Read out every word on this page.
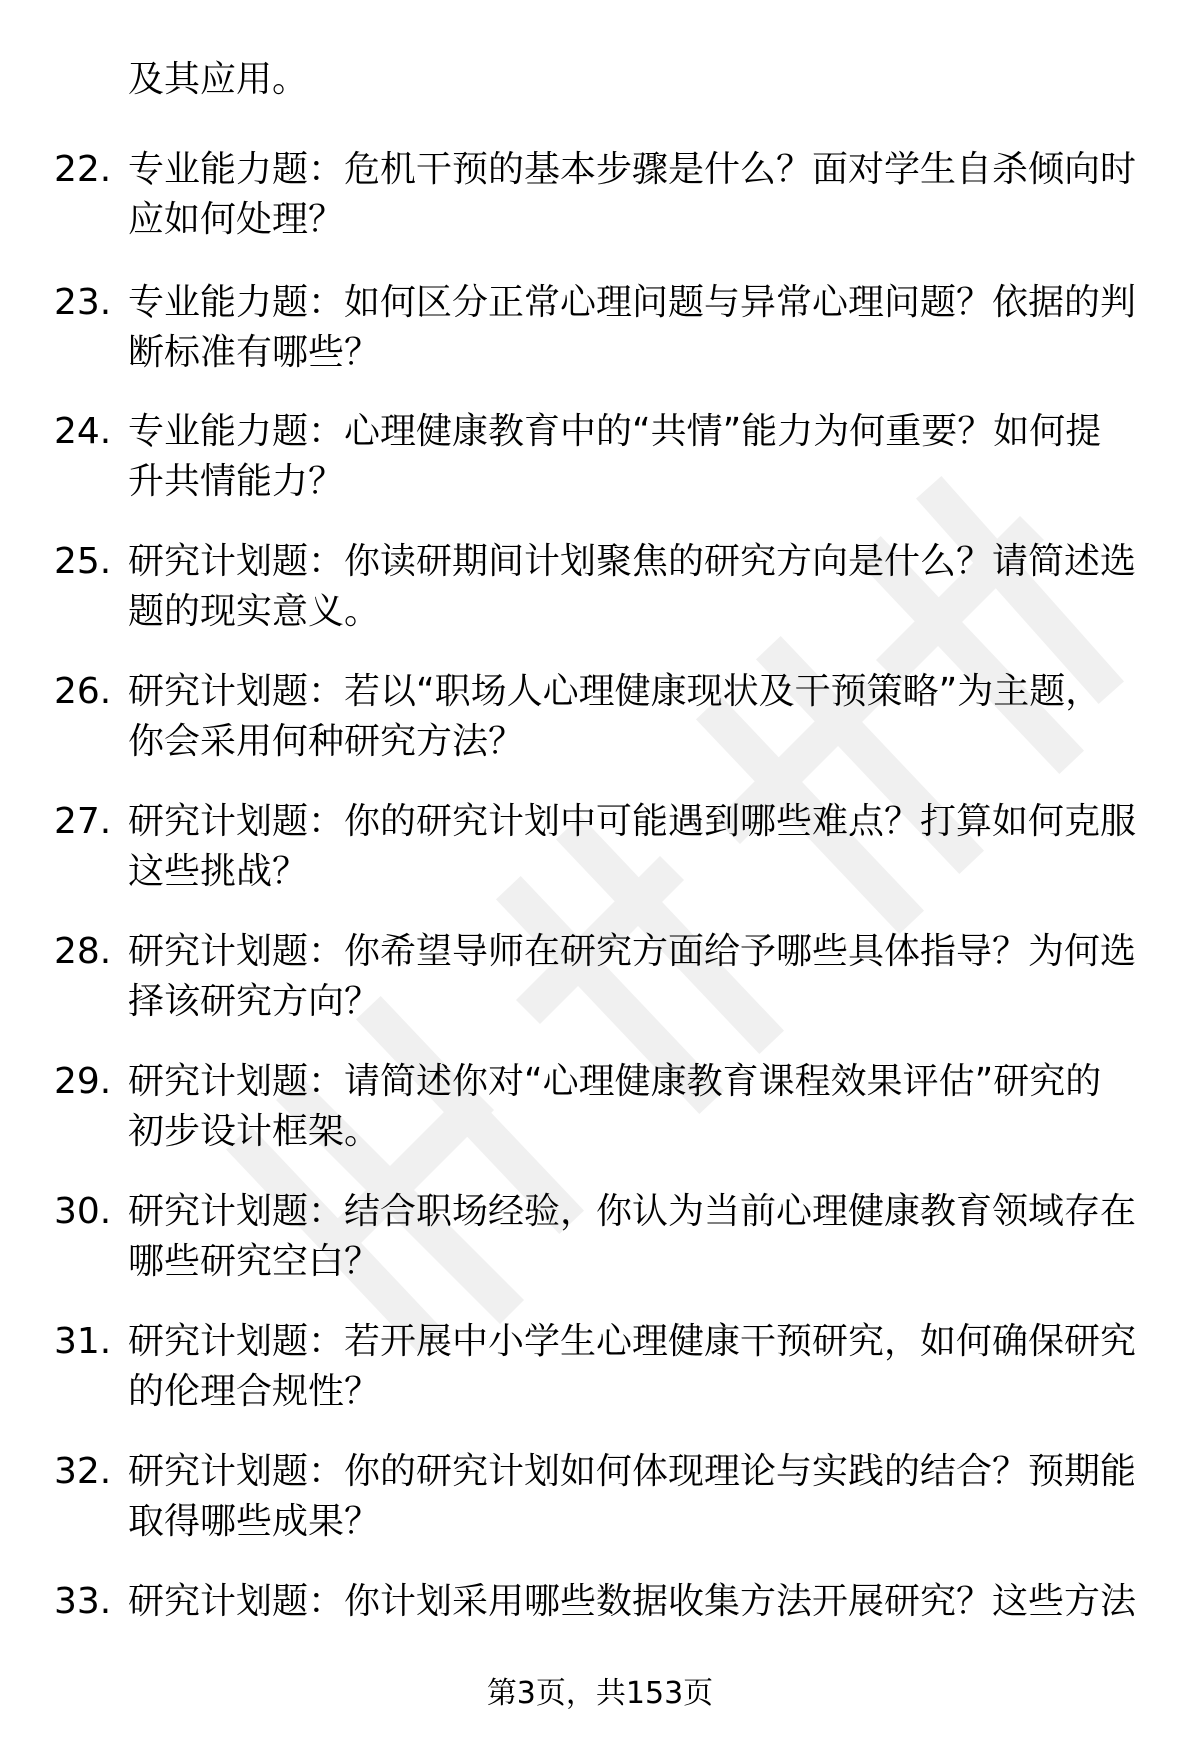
及其应用。
22. 专业能力题：危机干预的基本步骤是什么？面对学生自杀倾向时
应如何处理？
23. 专业能力题：如何区分正常心理问题与异常心理问题？依据的判
断标准有哪些？
24. 专业能力题：心理健康教育中的“共情”能力为何重要？如何提
升共情能力？
25. 研究计划题：你读研期间计划聚焦的研究方向是什么？请简述选
题的现实意义。
26. 研究计划题：若以“职场人心理健康现状及干预策略”为主题，
你会采用何种研究方法？
27. 研究计划题：你的研究计划中可能遇到哪些难点？打算如何克服
这些挑战？
28. 研究计划题：你希望导师在研究方面给予哪些具体指导？为何选
择该研究方向？
29. 研究计划题：请简述你对“心理健康教育课程效果评估”研究的
初步设计框架。
30. 研究计划题：结合职场经验，你认为当前心理健康教育领域存在
哪些研究空白？
31. 研究计划题：若开展中小学生心理健康干预研究，如何确保研究
的伦理合规性？
32. 研究计划题：你的研究计划如何体现理论与实践的结合？预期能
取得哪些成果？
33. 研究计划题：你计划采用哪些数据收集方法开展研究？这些方法
第3页，共153页
